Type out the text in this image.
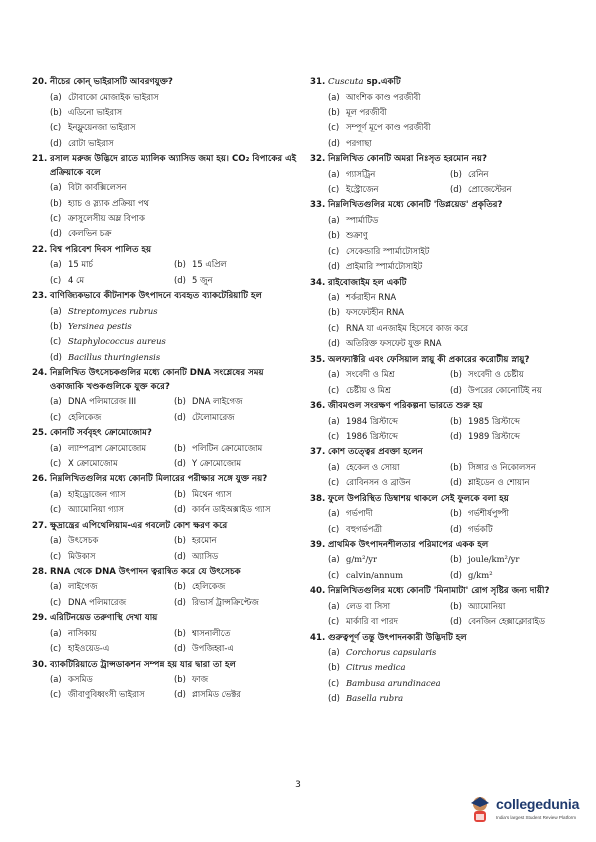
20. নীচের কোন্ ভাইরাসটি আবরণযুক্ত?
(a) টোবাকো মোজাইক ভাইরাস
(b) এডিনো ভাইরাস
(c) ইনফ্লুয়েনজা ভাইরাস
(d) রোটা ভাইরাস
21. রসাল মরুজ উদ্ভিদে রাতে ম্যালিক অ্যাসিড জমা হয়। CO₂ বিপাকের এই প্রক্রিয়াকে বলে
(a) বিটা কার্বক্সিলেসন
(b) হ্যাচ ও স্ল্যাক প্রক্রিয়া পথ
(c) ক্রাসুলেসীয় অম্ল বিপাক
(d) কেলভিন চক্র
22. বিশ্ব পরিবেশ দিবস পালিত হয়
(a) 15 মার্চ	(b) 15 এপ্রিল
(c) 4 মে	(d) 5 জুন
23. বাণিজ্যিকভাবে কীটনাশক উৎপাদনে ব্যবহৃত ব্যাকটেরিয়াটি হল
(a) Streptomyces rubrus
(b) Yersinea pestis
(c) Staphylococcus aureus
(d) Bacillus thuringiensis
24. নিম্নলিখিত উৎসেচকগুলির মধ্যে কোনটি DNA সংশ্লেষের সময় ওকাজাকি খণ্ডকগুলিকে যুক্ত করে?
(a) DNA পলিমারেজ III	(b) DNA লাইগেজ
(c) হেলিকেজ	(d) টেলোমারেজ
25. কোনটি সর্ববৃহৎ ক্রোমোজোম?
(a) ল্যাম্পব্রাশ ক্রোমোজোম	(b) পলিটিন ক্রোমোজোম
(c) X ক্রোমোজোম	(d) Y ক্রোমোজোম
26. নিম্নলিখিতগুলির মধ্যে কোনটি মিলারের পরীক্ষার সঙ্গে যুক্ত নয়?
(a) হাইড্রোজেন গ্যাস	(b) মিথেন গ্যাস
(c) অ্যামোনিয়া গ্যাস	(d) কার্বন ডাইঅক্সাইড গ্যাস
27. ক্ষুদ্রান্ত্রের এপিথেলিয়াম-এর গবলেট কোশ ক্ষরণ করে
(a) উৎসেচক	(b) হরমোন
(c) মিউকাস	(d) অ্যাসিড
28. RNA থেকে DNA উৎপাদন ত্বরান্বিত করে যে উৎসেচক
(a) লাইগেজ	(b) হেলিকেজ
(c) DNA পলিমারেজ	(d) রিভার্স ট্রান্সক্রিপ্টেজ
29. এরিটিনয়েড তরুণাস্থি দেখা যায়
(a) নাসিকায়	(b) শ্বাসনালীতে
(c) হাইওয়েড-এ	(d) উপজিহ্বা-এ
30. ব্যাকটিরিয়াতে ট্রান্সডাকশন সম্পন্ন হয় যার দ্বারা তা হল
(a) কসমিড	(b) ফাজ
(c) জীবাণুবিধ্বংসী ভাইরাস	(d) প্লাসমিড ভেক্টর
31. Cuscuta sp.একটি
(a) আংশিক কাণ্ড পরজীবী
(b) মূল পরজীবী
(c) সম্পূর্ণ মূপে কাণ্ড পরজীবী
(d) পরগাছা
32. নিম্নলিখিত কোনটি অমরা নিঃসৃত হরমোন নয়?
(a) গ্যাসট্রিন	(b) রেনিন
(c) ইস্ট্রোজেন	(d) প্রোজেস্টেরন
33. নিম্নলিখিতগুলির মধ্যে কোনটি 'ডিপ্লয়েড' প্রকৃতির?
(a) স্পার্মাটিড
(b) শুক্রাণু
(c) সেকেন্ডারি স্পার্মাটোসাইট
(d) প্রাইমারি স্পার্মাটোসাইট
34. রাইবোজাইম হল একটি
(a) শর্করাহীন RNA
(b) ফসফেটহীন RNA
(c) RNA যা এনজাইম হিসেবে কাজ করে
(d) অতিরিক্ত ফসফেট যুক্ত RNA
35. অলফ্যাক্টরি এবং ফেসিয়াল স্নায়ু কী প্রকারের করোটীয় স্নায়ু?
(a) সংবেদী ও মিশ্র	(b) সংবেদী ও চেষ্টীয়
(c) চেষ্টীয় ও মিশ্র	(d) উপরের কোনোটিই নয়
36. জীবমণ্ডল সংরক্ষণ পরিকল্পনা ভারতে শুরু হয়
(a) 1984 খ্রিস্টাব্দে	(b) 1985 খ্রিস্টাব্দে
(c) 1986 খ্রিস্টাব্দে	(d) 1989 খ্রিস্টাব্দে
37. কোশ তত্ত্বের প্রবক্তা হলেন
(a) হেকেল ও সোয়া	(b) সিঙ্গার ও নিকোলসন
(c) রোবিনসন ও ব্রাউন	(d) শ্লাইডেন ও শোয়ান
38. ফুলে উপরিস্থিত ডিম্বাশয় থাকলে সেই ফুলকে বলা হয়
(a) গর্ভপাদী	(b) গর্ভশীর্ষপুষ্পী
(c) বহুগর্ভপত্রী	(d) গর্ভকটি
39. প্রাথমিক উৎপাদনশীলতার পরিমাপের একক হল
(a) g/m²/yr	(b) joule/km²/yr
(c) calvin/annum	(d) g/km²
40. নিম্নলিখিতগুলির মধ্যে কোনটি 'মিনামাটা' রোগ সৃষ্টির জন্য দায়ী?
(a) লেড বা সিসা	(b) অ্যামোনিয়া
(c) মার্কারি বা পারদ	(d) বেনজিন হেক্সাক্লোরাইড
41. গুরুত্বপূর্ণ তন্তু উৎপাদনকারী উদ্ভিদটি হল
(a) Corchorus capsularis
(b) Citrus medica
(c) Bambusa arundinacea
(d) Basella rubra
3
collegedunia
India's largest Student Review Platform
